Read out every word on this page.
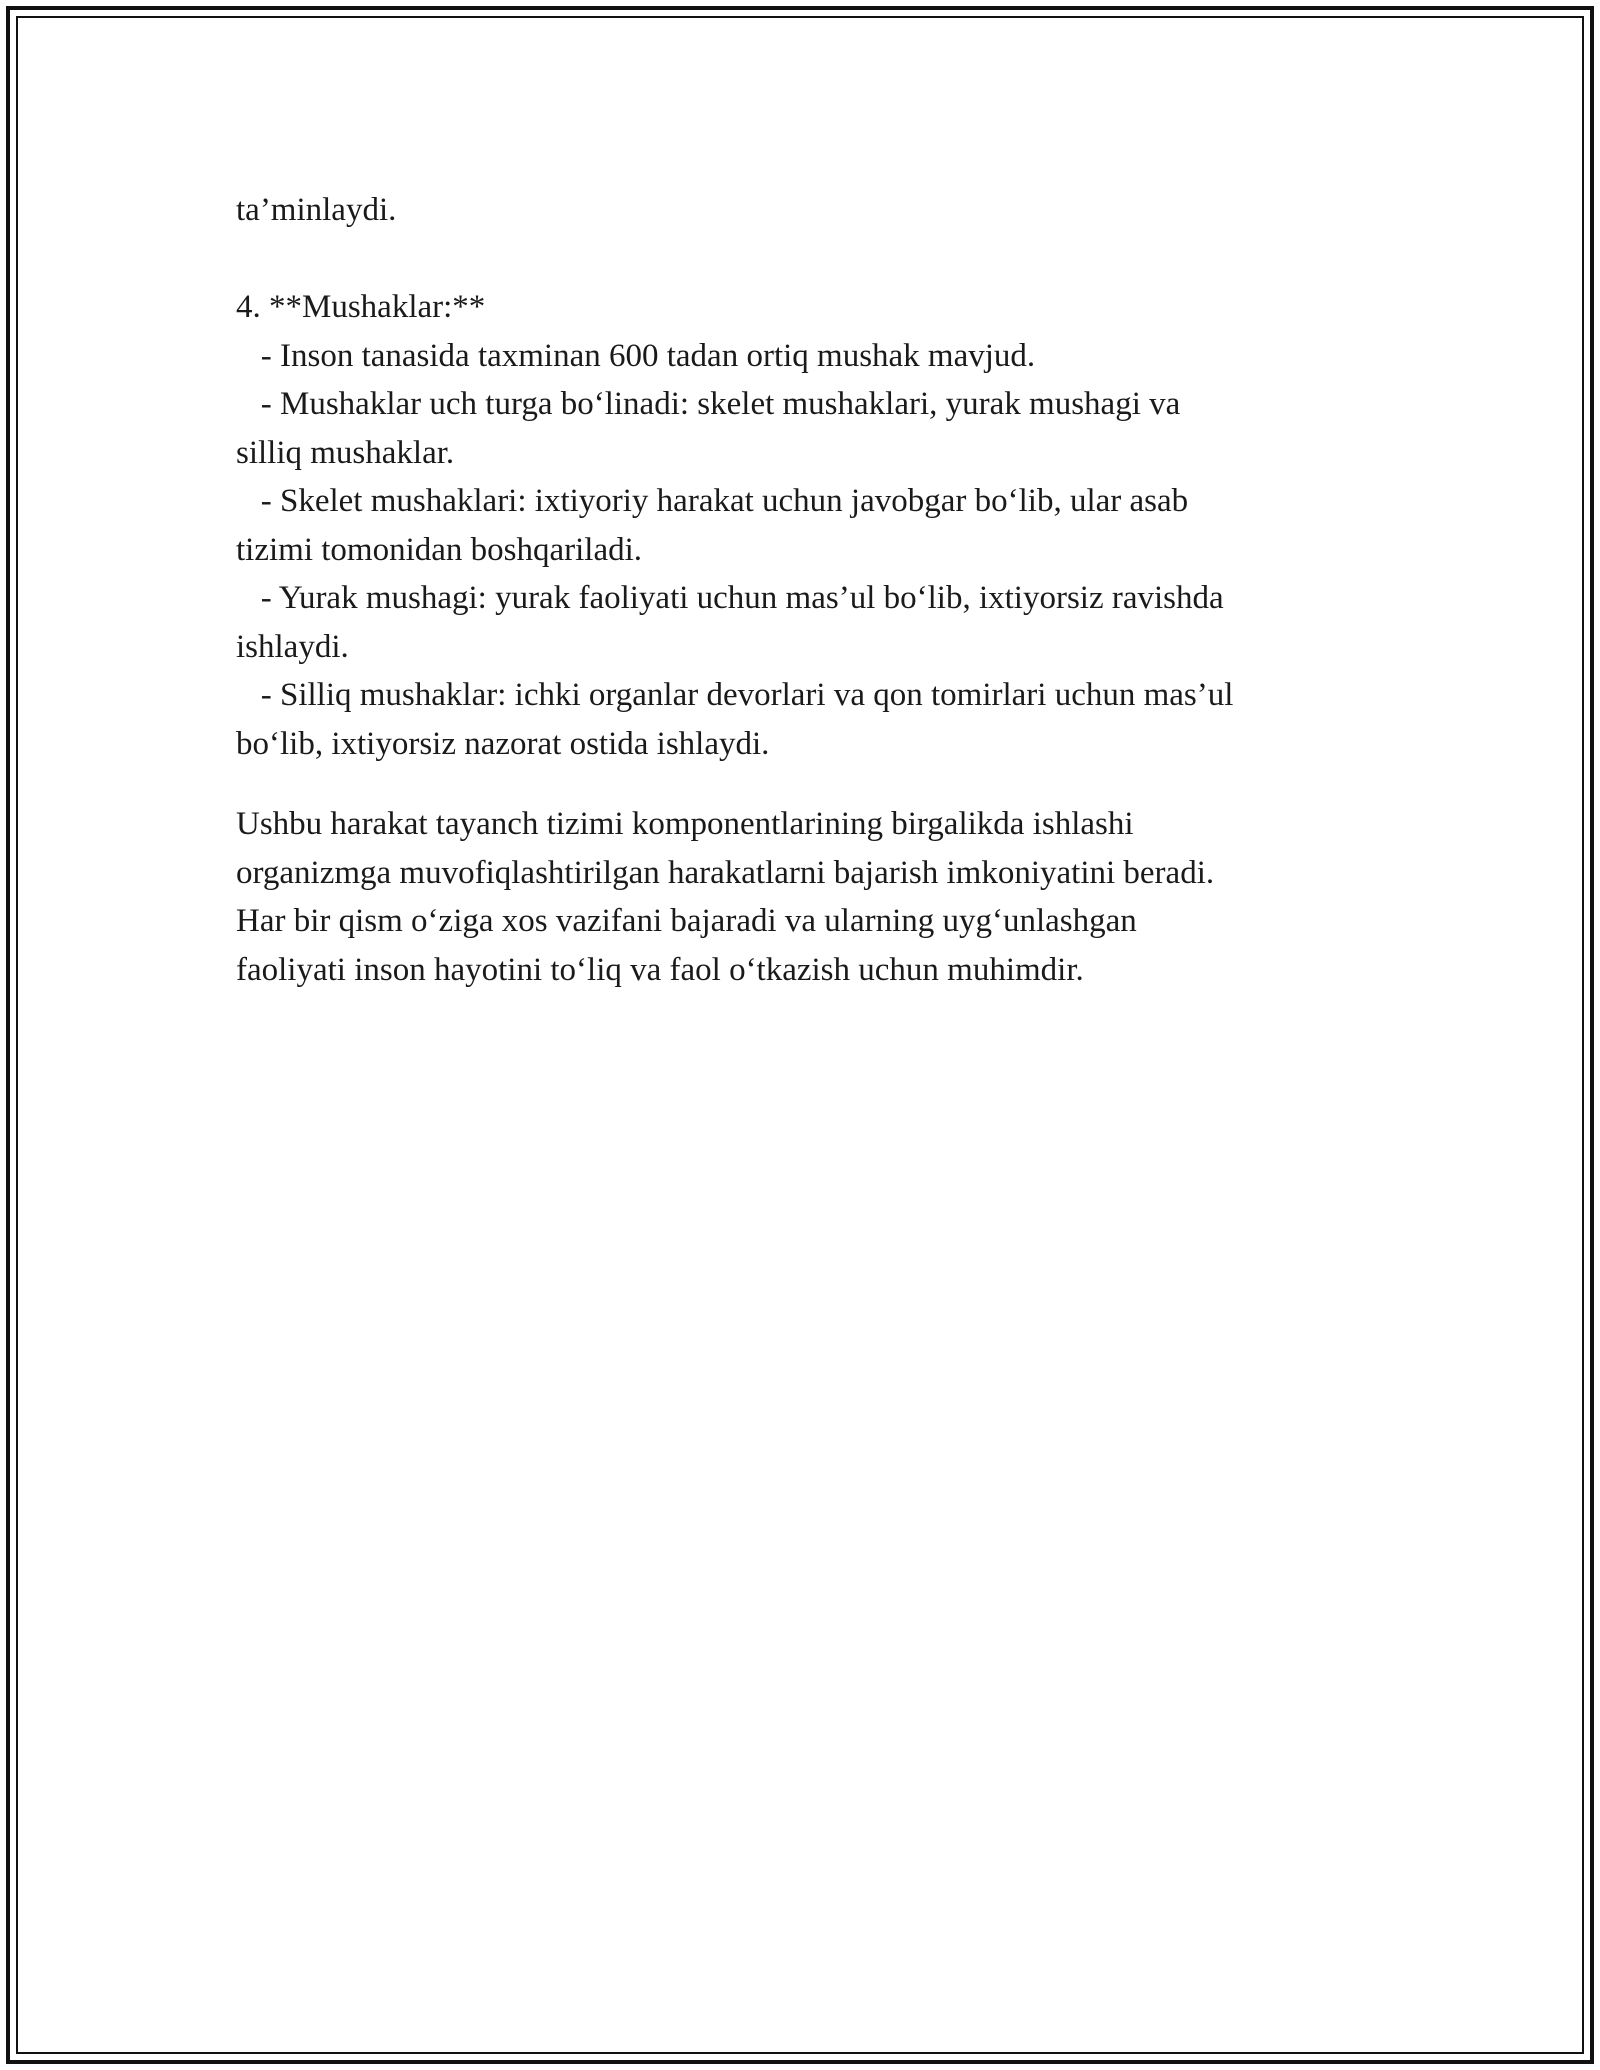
ta’minlaydi.
4. **Mushaklar:**
- Inson tanasida taxminan 600 tadan ortiq mushak mavjud.
- Mushaklar uch turga bo‘linadi: skelet mushaklari, yurak mushagi va
silliq mushaklar.
- Skelet mushaklari: ixtiyoriy harakat uchun javobgar bo‘lib, ular asab
tizimi tomonidan boshqariladi.
- Yurak mushagi: yurak faoliyati uchun mas’ul bo‘lib, ixtiyorsiz ravishda
ishlaydi.
- Silliq mushaklar: ichki organlar devorlari va qon tomirlari uchun mas’ul
bo‘lib, ixtiyorsiz nazorat ostida ishlaydi.
Ushbu harakat tayanch tizimi komponentlarining birgalikda ishlashi
organizmga muvofiqlashtirilgan harakatlarni bajarish imkoniyatini beradi.
Har bir qism o‘ziga xos vazifani bajaradi va ularning uyg‘unlashgan
faoliyati inson hayotini to‘liq va faol o‘tkazish uchun muhimdir.
